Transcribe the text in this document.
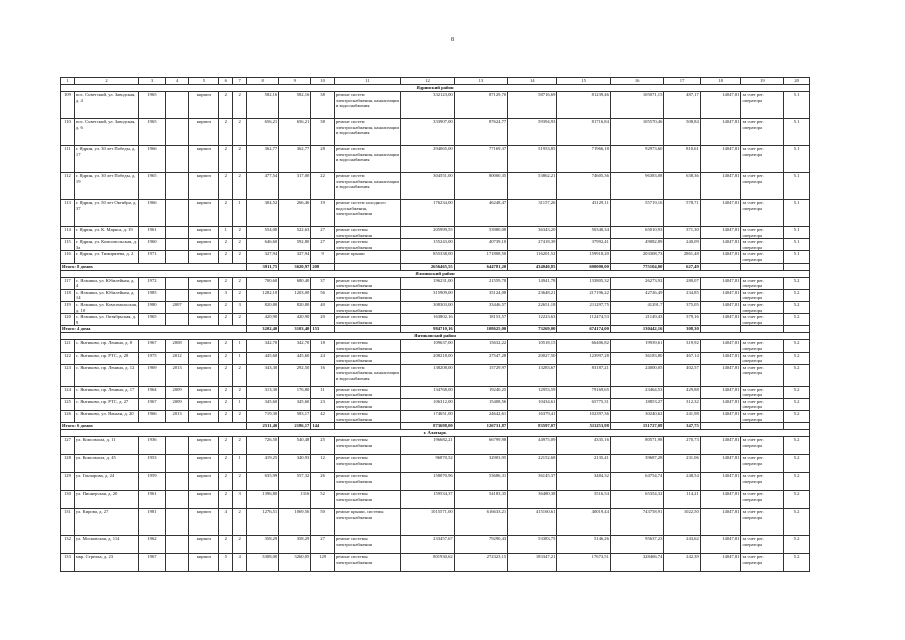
8
1	2	3	4	5	6	7	8	9	10	11	12	13	14	15	16	17	18	19	20
Ядринский район																			
109	пос. Советский, ул. Заводская, д. 4	1965		кирпич	2	2	582,16	582,16	38	ремонт систем электроснабжения, канализации и водоснабжения	332123,00	87129,70	58716,69	81239,46	105071,15	487,17	14047,81	за счет рег. оператора	5.1
110	пос. Советский, ул. Заводская, д. 6	1965		кирпич	2	2	656,21	656,21	38	ремонт систем электроснабжения, канализации и водоснабжения	333907,00	87624,77	59394,93	81716,84	105570,46	508,84	14047,81	за счет рег. оператора	5.1
111	г. Ядрин, ул. 30 лет Победы, д. 17	1966		кирпич	2	2	362,77	362,77	28	ремонт систем электроснабжения, канализации и водоснабжения	294065,00	77169,37	51953,85	71966,18	92973,60	810,61	14047,81	за счет рег. оператора	5.1
112	г. Ядрин, ул. 30 лет Победы, д. 19	1965		кирпич	2	2	477,54	317,00	22	ремонт систем электроснабжения, канализации и водоснабжения	304551,00	80000,35	53862,21	74605,36	96383,08	638,36	14047,81	за счет рег. оператора	5.1
113	г. Ядрин, ул. 50 лет Октября, д. 37	1966		кирпич	2	1	304,52	266,46	19	ремонт систем холодного водоснабжения, электроснабжения	176234,00	46248,47	31157,26	43129,11	55719,16	578,71	14047,81	за счет рег. оператора	5.1
114	г. Ядрин, ул. К. Маркса, д. 19	1961		кирпич	1	2	554,00	522,63	27	ремонт системы электроснабжения	205999,55	53980,08	36343,20	50340,34	65010,93	371,30	14047,81	за счет рег. оператора	5.1
115	г. Ядрин, ул. Комсомольская, д. 3а	1960		кирпич	2	2	646,60	592,80	27	ремонт системы электроснабжения	155243,00	40739,10	27418,39	37992,41	49082,89	240,09	14047,81	за счет рег. оператора	5.1
116	г. Ядрин, ул. Тимирязева, д. 2	1971		кирпич	2	2	327,94	327,94	9	ремонт крыши	855338,00	171808,50	116201,52	159918,20	203308,73	2861,48	14047,81	за счет рег. оператора	5.1
Итого: 8 домов							3911,75	3620,97	208		2656465,55	644781,20	434040,85	600000,00	775104,00	627,49			
Яльчикский район																			
117	с. Яльчики, ул. Юбилейная, д. 4	1972		кирпич	2	2	700,60	680,40	37	ремонт системы электроснабжения	196231,00	21559,78	14941,78	133805,32	26273,92	280,07	14047,81	за счет рег. оператора	5.2
118	с. Яльчики, ул. Юбилейная, д. 14	1985		кирпич	3	2	1282,10	1203,00	56	ремонт системы электроснабжения	315909,00	35124,08	23648,21	217196,22	42726,49	234,85	14047,81	за счет рег. оператора	5.2
119	с. Яльчики, ул. Комсомольская, д. 10	1980	2007	кирпич	2	3	820,80	820,80	40	ремонт системы электроснабжения	308303,00	33446,57	22651,18	211297,75	41291,7	375,05	14047,81	за счет рег. оператора	5.2
120	с. Яльчики, ул. Октябрьская, д. 9	1965		кирпич	2	2	420,90	420,90	20	ремонт системы электроснабжения	163802,16	18153,57	12223,63	112474,53	21149,43	379,16	14047,81	за счет рег. оператора	5.2
Итого: 4 дома							3202,40	3103,40	153		984710,16	108625,00	73269,00	674174,00	130442,16	308,30			
Янтиковский район																			
121	с. Янтиково, пр. Ленина, д. 8	1967	2008	кирпич	2	1	342,70	342,70	18	ремонт системы электроснабжения	109637,00	15632,22	10518,15	66406,82	19939,61	319,92	14047,81	за счет рег. оператора	5.2
122	с. Янтиково, пр. РТС, д. 28	1975	2012	кирпич	2	1	445,60	445,60	24	ремонт системы электроснабжения	208218,00	27547,28	20027,50	123997,28	36183,80	467,14	14047,81	за счет рег. оператора	5.2
123	с. Янтиково, пр. Ленина, д. 12	1969	2013	кирпич	2	2	343,30	292,50	16	ремонт систем электроснабжения, канализации и водоснабжения	138208,00	15729,97	13283,67	83187,21	24000,05	402,57	14047,81	за счет рег. оператора	5.2
124	с. Янтиково, пр. Ленина, д. 17	1964	2009	кирпич	2	2	313,30	176,80	11	ремонт системы электроснабжения	134768,00	19240,25	12953,59	79169,65	23464,53	429,88	14047,81	за счет рег. оператора	5.2
125	с. Янтиково, пр. РТС, д. 27	1967	2009	кирпич	2	1	345,60	345,60	23	ремонт системы электроснабжения	106312,00	15408,56	10434,61	65775,31	18853,27	312,32	14047,81	за счет рег. оператора	5.2
126	с. Янтиково, ул. Ялькан, д. 20	1966	2013	кирпич	2	2	719,30	583,17	42	ремонт системы электроснабжения	174651,00	24642,61	16379,41	102397,36	30240,62	241,98	14047,81	за счет рег. оператора	5.2
Итого: 6 домов							2511,40	2186,17	144		873698,00	126731,87	83597,07	511253,98	151727,08	347,75			
г. Алатырь																			
127	ул. Комсомола, д. 11	1936		кирпич	2	2	726,50	540,48	25	ремонт системы электроснабжения	196682,21	66799,98	44975,09	4335,16	80571,98	270,73	14047,81	за счет рег. оператора	5.2
128	ул. Комсомола, д. 45	1953		кирпич	2	1	419,25	340,93	12	ремонт системы электроснабжения	96870,52	32903,95	22152,68	2135,41	39687,28	231,06	14047,81	за счет рег. оператора	5.2
129	ул. Гончарова, д. 24	1959		кирпич	2	2	635,99	557,32	26	ремонт системы электроснабжения	158070,96	53686,31	36145,37	3484,32	64754,74	248,54	14047,81	за счет рег. оператора	5.2
130	ул. Пионерская, д. 20	1961		кирпич	2	3	1396,80	1316	52	ремонт системы электроснабжения	159534,37	54183,35	36480,38	3516,54	65354,32	114,21	14047,81	за счет рег. оператора	5.2
131	ул. Кирова, д. 27	1981		кирпич	4	2	1276,51	1069,56	50	ремонт крыши, системы электроснабжения	1015571,00	616633,21	415160,61	40019,44	743758,91	1022,50	14047,81	за счет рег. оператора	5.2
132	ул. Московская, д. 114	1962		кирпич	2	2	358,29	358,29	27	ремонт системы электроснабжения	233457,67	79290,43	53383,75	5146,26	95637,23	243,62	14047,81	за счет рег. оператора	5.2
133	мкр. Стрелка, д. 23	1967		кирпич	5	4	3308,00	3260,05	129	ремонт системы электроснабжения	801930,62	272323,15	183347,21	17673,51	328466,74	242,39	14047,81	за счет рег. оператора	5.2
